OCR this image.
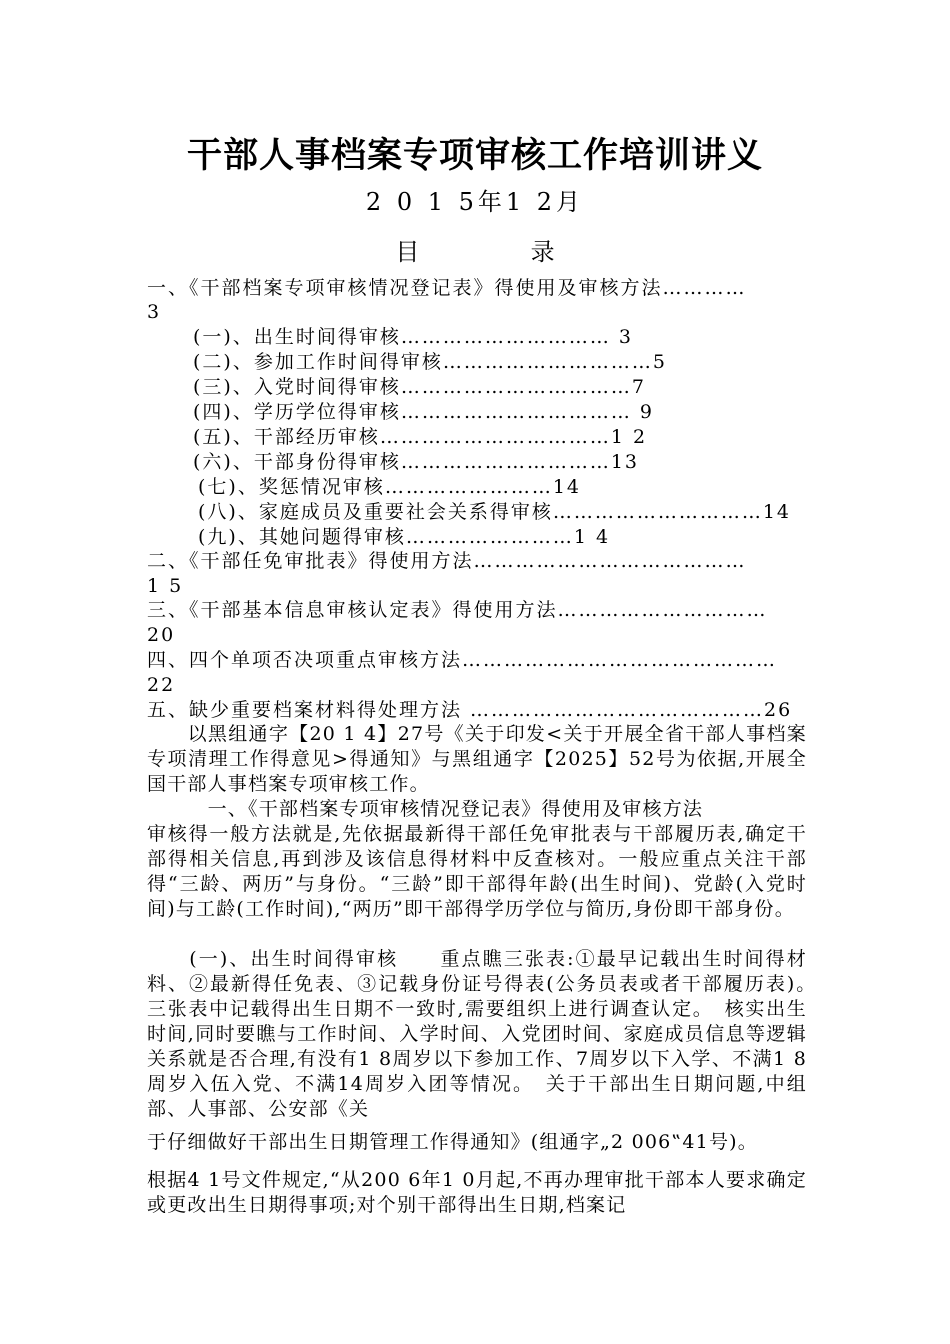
干部人事档案专项审核工作培训讲义
2 0 1 5年1 2月
目	录
一、《干部档案专项审核情况登记表》得使用及审核方法…………
3
(一)、出生时间得审核………………………… 3
(二)、参加工作时间得审核…………………………5
(三)、入党时间得审核……………………………7
(四)、学历学位得审核…………………………… 9
(五)、干部经历审核……………………………1 2
(六)、干部身份得审核…………………………13
(七)、奖惩情况审核……………………14
(八)、家庭成员及重要社会关系得审核…………………………14
(九)、其她问题得审核……………………1 4
二、《干部任免审批表》得使用方法…………………………………
1 5
三、《干部基本信息审核认定表》得使用方法…………………………
20
四、四个单项否决项重点审核方法………………………………………
22
五、缺少重要档案材料得处理方法 ……………………………………26
　　以黑组通字【20 1 4】27号《关于印发<关于开展全省干部人事档案专项清理工作得意见>得通知》与黑组通字【2025】52号为依据,开展全国干部人事档案专项审核工作。
　　　一、《干部档案专项审核情况登记表》得使用及审核方法
审核得一般方法就是,先依据最新得干部任免审批表与干部履历表,确定干部得相关信息,再到涉及该信息得材料中反查核对。一般应重点关注干部得“三龄、两历”与身份。“三龄”即干部得年龄(出生时间)、党龄(入党时间)与工龄(工作时间),“两历”即干部得学历学位与简历,身份即干部身份。
　　(一)、出生时间得审核　　重点瞧三张表:①最早记载出生时间得材料、②最新得任免表、③记载身份证号得表(公务员表或者干部履历表)。　三张表中记载得出生日期不一致时,需要组织上进行调查认定。　核实出生时间,同时要瞧与工作时间、入学时间、入党团时间、家庭成员信息等逻辑关系就是否合理,有没有1 8周岁以下参加工作、7周岁以下入学、不满1 8周岁入伍入党、不满14周岁入团等情况。　关于干部出生日期问题,中组部、人事部、公安部《关
于仔细做好干部出生日期管理工作得通知》(组通字„2 006‟41号)。
根据4 1号文件规定,“从200 6年1 0月起,不再办理审批干部本人要求确定或更改出生日期得事项;对个别干部得出生日期,档案记
